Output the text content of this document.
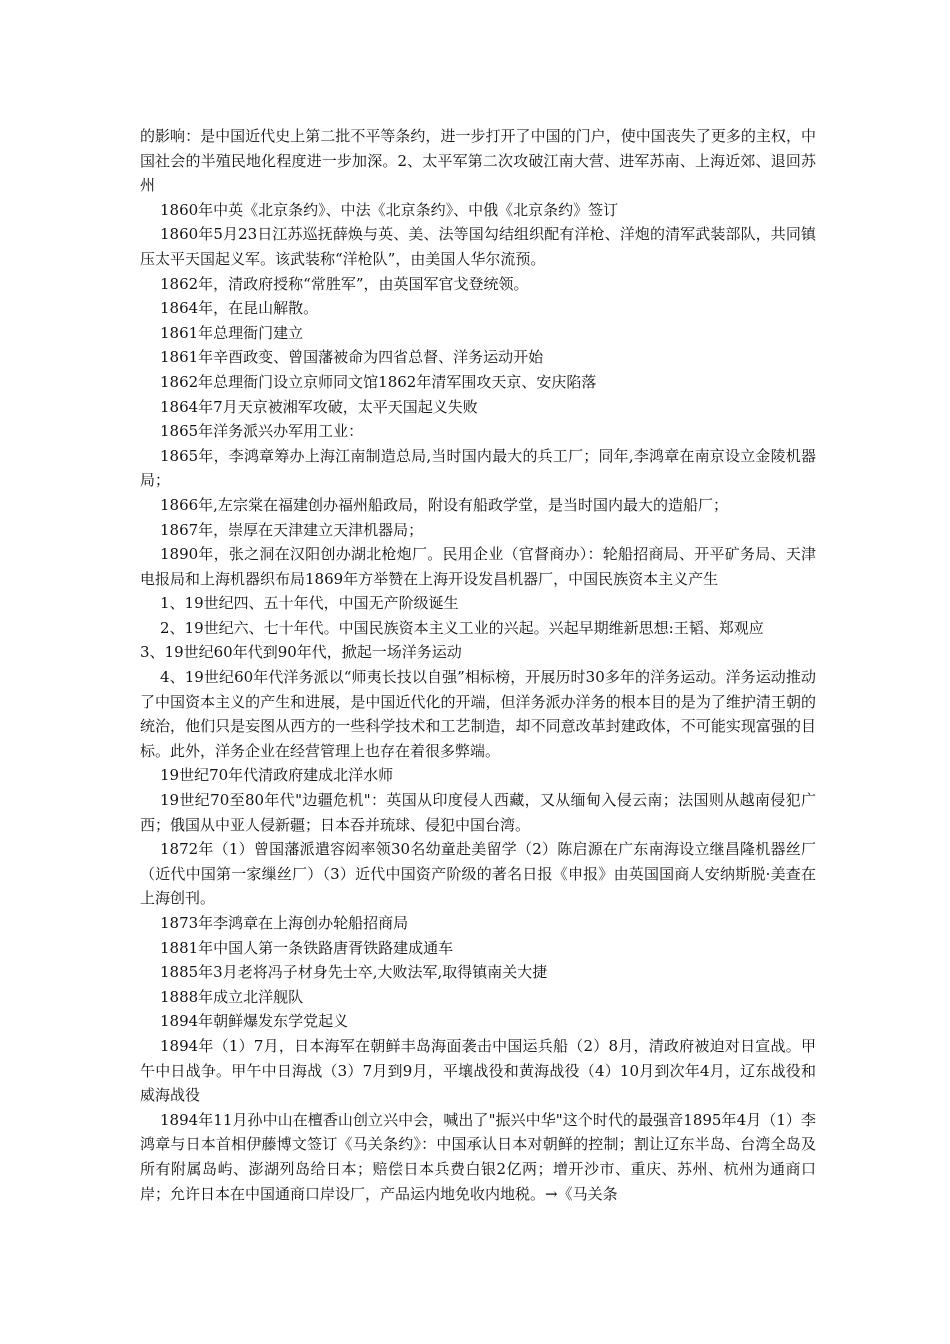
的影响：是中国近代史上第二批不平等条约，进一步打开了中国的门户，使中国丧失了更多的主权，中国社会的半殖民地化程度进一步加深。2、太平军第二次攻破江南大营、进军苏南、上海近郊、退回苏州

1860年中英《北京条约》、中法《北京条约》、中俄《北京条约》签订

1860年5月23日江苏巡抚薛焕与英、美、法等国勾结组织配有洋枪、洋炮的清军武装部队，共同镇压太平天国起义军。该武装称“洋枪队”，由美国人华尔流预。

1862年，清政府授称“常胜军”，由英国军官戈登统领。

1864年，在昆山解散。

1861年总理衙门建立

1861年辛酉政变、曾国藩被命为四省总督、洋务运动开始

1862年总理衙门设立京师同文馆1862年清军围攻天京、安庆陷落

1864年7月天京被湘军攻破，太平天国起义失败

1865年洋务派兴办军用工业：

1865年，李鸿章筹办上海江南制造总局,当时国内最大的兵工厂；同年,李鸿章在南京设立金陵机器局；

1866年,左宗棠在福建创办福州船政局，附设有船政学堂，是当时国内最大的造船厂；

1867年，崇厚在天津建立天津机器局；

1890年，张之洞在汉阳创办湖北枪炮厂。民用企业（官督商办）：轮船招商局、开平矿务局、天津电报局和上海机器织布局1869年方举赞在上海开设发昌机器厂，中国民族资本主义产生

1、19世纪四、五十年代，中国无产阶级诞生

2、19世纪六、七十年代。中国民族资本主义工业的兴起。兴起早期维新思想:王韬、郑观应

3、19世纪60年代到90年代，掀起一场洋务运动

4、19世纪60年代洋务派以“师夷长技以自强”相标榜，开展历时30多年的洋务运动。洋务运动推动了中国资本主义的产生和进展，是中国近代化的开端，但洋务派办洋务的根本目的是为了维护清王朝的统治，他们只是妄图从西方的一些科学技术和工艺制造，却不同意改革封建政体，不可能实现富强的目标。此外，洋务企业在经营管理上也存在着很多弊端。

19世纪70年代清政府建成北洋水师

19世纪70至80年代"边疆危机"：英国从印度侵人西藏，又从缅甸入侵云南；法国则从越南侵犯广西；俄国从中亚人侵新疆；日本吞并琉球、侵犯中国台湾。

1872年（1）曾国藩派遣容闳率领30名幼童赴美留学（2）陈启源在广东南海设立继昌隆机器丝厂（近代中国第一家缫丝厂）（3）近代中国资产阶级的著名日报《申报》由英国国商人安纳斯脱·美查在上海创刊。

1873年李鸿章在上海创办轮船招商局

1881年中国人第一条铁路唐胥铁路建成通车

1885年3月老将冯子材身先士卒,大败法军,取得镇南关大捷

1888年成立北洋舰队

1894年朝鲜爆发东学党起义

1894年（1）7月，日本海军在朝鲜丰岛海面袭击中国运兵船（2）8月，清政府被迫对日宣战。甲午中日战争。甲午中日海战（3）7月到9月，平壤战役和黄海战役（4）10月到次年4月，辽东战役和威海战役

1894年11月孙中山在檀香山创立兴中会，喊出了"振兴中华"这个时代的最强音1895年4月（1）李鸿章与日本首相伊藤博文签订《马关条约》：中国承认日本对朝鲜的控制；割让辽东半岛、台湾全岛及所有附属岛屿、澎湖列岛给日本；赔偿日本兵费白银2亿两；增开沙市、重庆、苏州、杭州为通商口岸；允许日本在中国通商口岸设厂，产品运内地免收内地税。→《马关条
